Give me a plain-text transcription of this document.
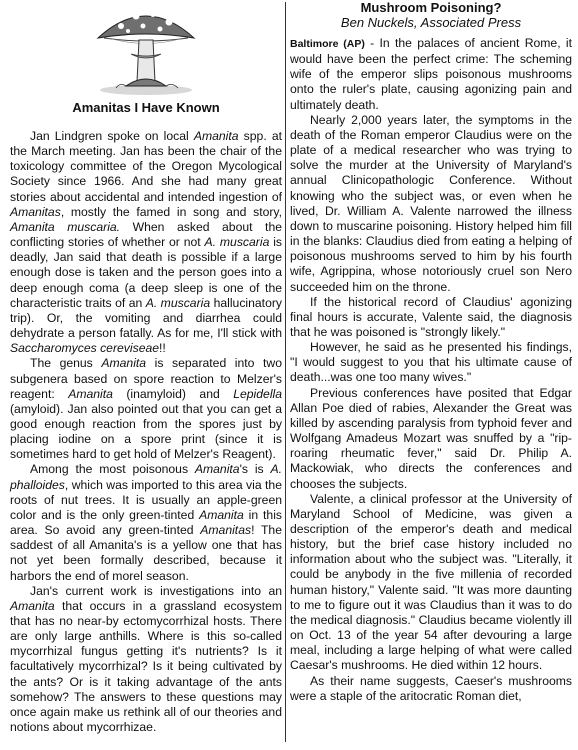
Amanitas I Have Known

Jan Lindgren spoke on local Amanita spp. at the March meeting. Jan has been the chair of the toxicology committee of the Oregon Mycological Society since 1966. And she had many great stories about accidental and intended ingestion of Amanitas, mostly the famed in song and story, Amanita muscaria. When asked about the conflicting stories of whether or not A. muscaria is deadly, Jan said that death is possible if a large enough dose is taken and the person goes into a deep enough coma (a deep sleep is one of the characteristic traits of an A. muscaria hallucinatory trip). Or, the vomiting and diarrhea could dehydrate a person fatally. As for me, I'll stick with Saccharomyces cereviseae!!

The genus Amanita is separated into two subgenera based on spore reaction to Melzer's reagent: Amanita (inamyloid) and Lepidella (amyloid). Jan also pointed out that you can get a good enough reaction from the spores just by placing iodine on a spore print (since it is sometimes hard to get hold of Melzer's Reagent).

Among the most poisonous Amanita's is A. phalloides, which was imported to this area via the roots of nut trees. It is usually an apple-green color and is the only green-tinted Amanita in this area. So avoid any green-tinted Amanitas! The saddest of all Amanita's is a yellow one that has not yet been formally described, because it harbors the end of morel season.

Jan's current work is investigations into an Amanita that occurs in a grassland ecosystem that has no near-by ectomycorrhizal hosts. There are only large anthills. Where is this so-called mycorrhizal fungus getting it's nutrients? Is it facultatively mycorrhizal? Is it being cultivated by the ants? Or is it taking advantage of the ants somehow? The answers to these questions may once again make us rethink all of our theories and notions about mycorrhizae.

Mushroom Poisoning?
Ben Nuckels, Associated Press

Baltimore (AP) - In the palaces of ancient Rome, it would have been the perfect crime: The scheming wife of the emperor slips poisonous mushrooms onto the ruler's plate, causing agonizing pain and ultimately death.

Nearly 2,000 years later, the symptoms in the death of the Roman emperor Claudius were on the plate of a medical researcher who was trying to solve the murder at the University of Maryland's annual Clinicopathologic Conference. Without knowing who the subject was, or even when he lived, Dr. William A. Valente narrowed the illness down to muscarine poisoning. History helped him fill in the blanks: Claudius died from eating a helping of poisonous mushrooms served to him by his fourth wife, Agrippina, whose notoriously cruel son Nero succeeded him on the throne.

If the historical record of Claudius' agonizing final hours is accurate, Valente said, the diagnosis that he was poisoned is "strongly likely."

However, he said as he presented his findings, "I would suggest to you that his ultimate cause of death...was one too many wives."

Previous conferences have posited that Edgar Allan Poe died of rabies, Alexander the Great was killed by ascending paralysis from typhoid fever and Wolfgang Amadeus Mozart was snuffed by a "rip-roaring rheumatic fever," said Dr. Philip A. Mackowiak, who directs the conferences and chooses the subjects.

Valente, a clinical professor at the University of Maryland School of Medicine, was given a description of the emperor's death and medical history, but the brief case history included no information about who the subject was. "Literally, it could be anybody in the five millenia of recorded human history," Valente said. "It was more daunting to me to figure out it was Claudius than it was to do the medical diagnosis." Claudius became violently ill on Oct. 13 of the year 54 after devouring a large meal, including a large helping of what were called Caesar's mushrooms. He died within 12 hours.

As their name suggests, Caeser's mushrooms were a staple of the aritocratic Roman diet,
